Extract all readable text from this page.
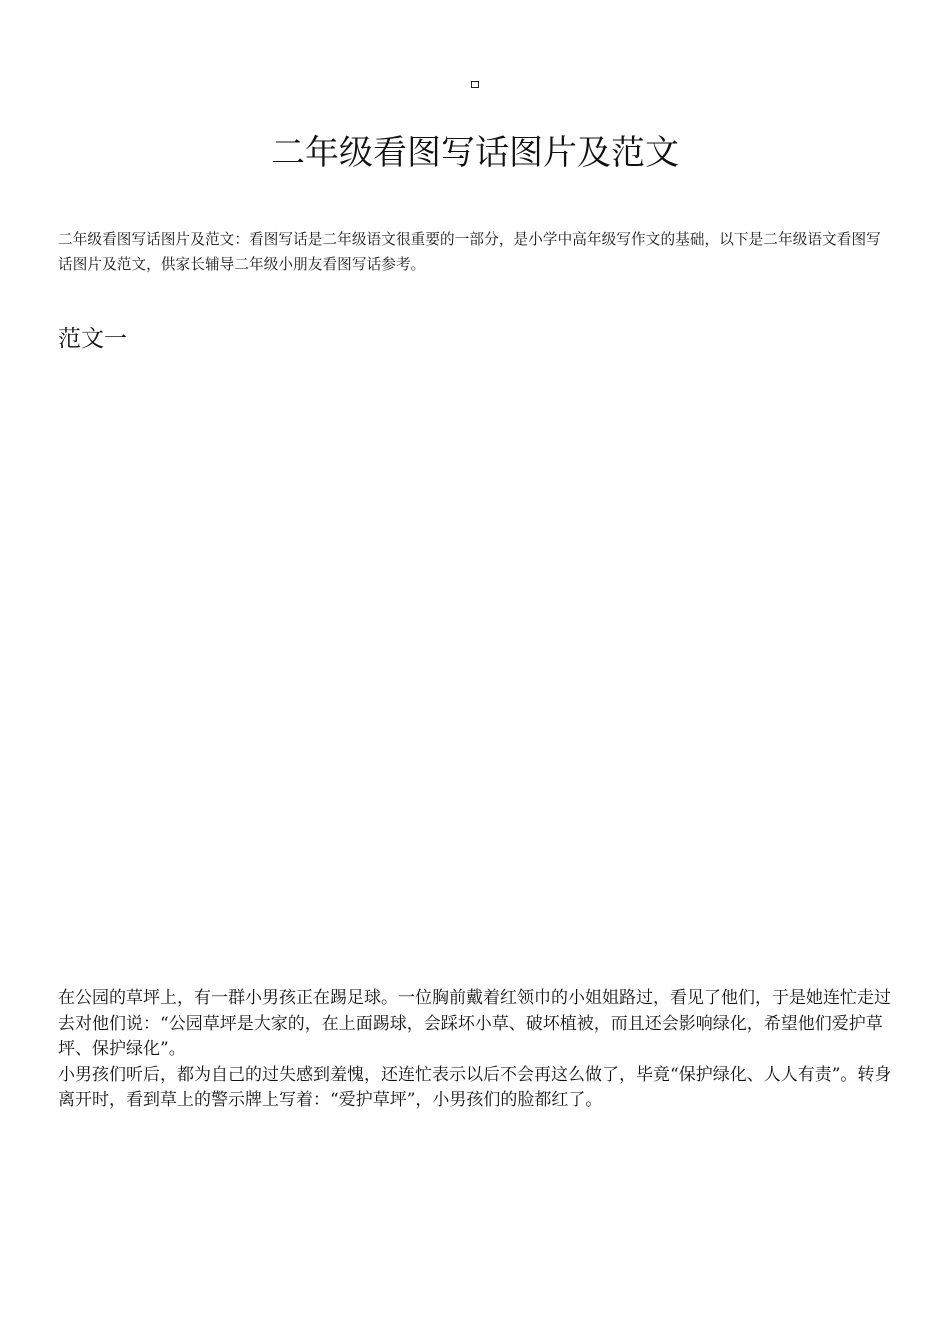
二年级看图写话图片及范文

二年级看图写话图片及范文：看图写话是二年级语文很重要的一部分，是小学中高年级写作文的基础，以下是二年级语文看图写话图片及范文，供家长辅导二年级小朋友看图写话参考。

范文一

在公园的草坪上，有一群小男孩正在踢足球。一位胸前戴着红领巾的小姐姐路过，看见了他们，于是她连忙走过去对他们说：“公园草坪是大家的，在上面踢球，会踩坏小草、破坏植被，而且还会影响绿化，希望他们爱护草坪、保护绿化”。

小男孩们听后，都为自己的过失感到羞愧，还连忙表示以后不会再这么做了，毕竟“保护绿化、人人有责”。转身离开时，看到草上的警示牌上写着：“爱护草坪”，小男孩们的脸都红了。
